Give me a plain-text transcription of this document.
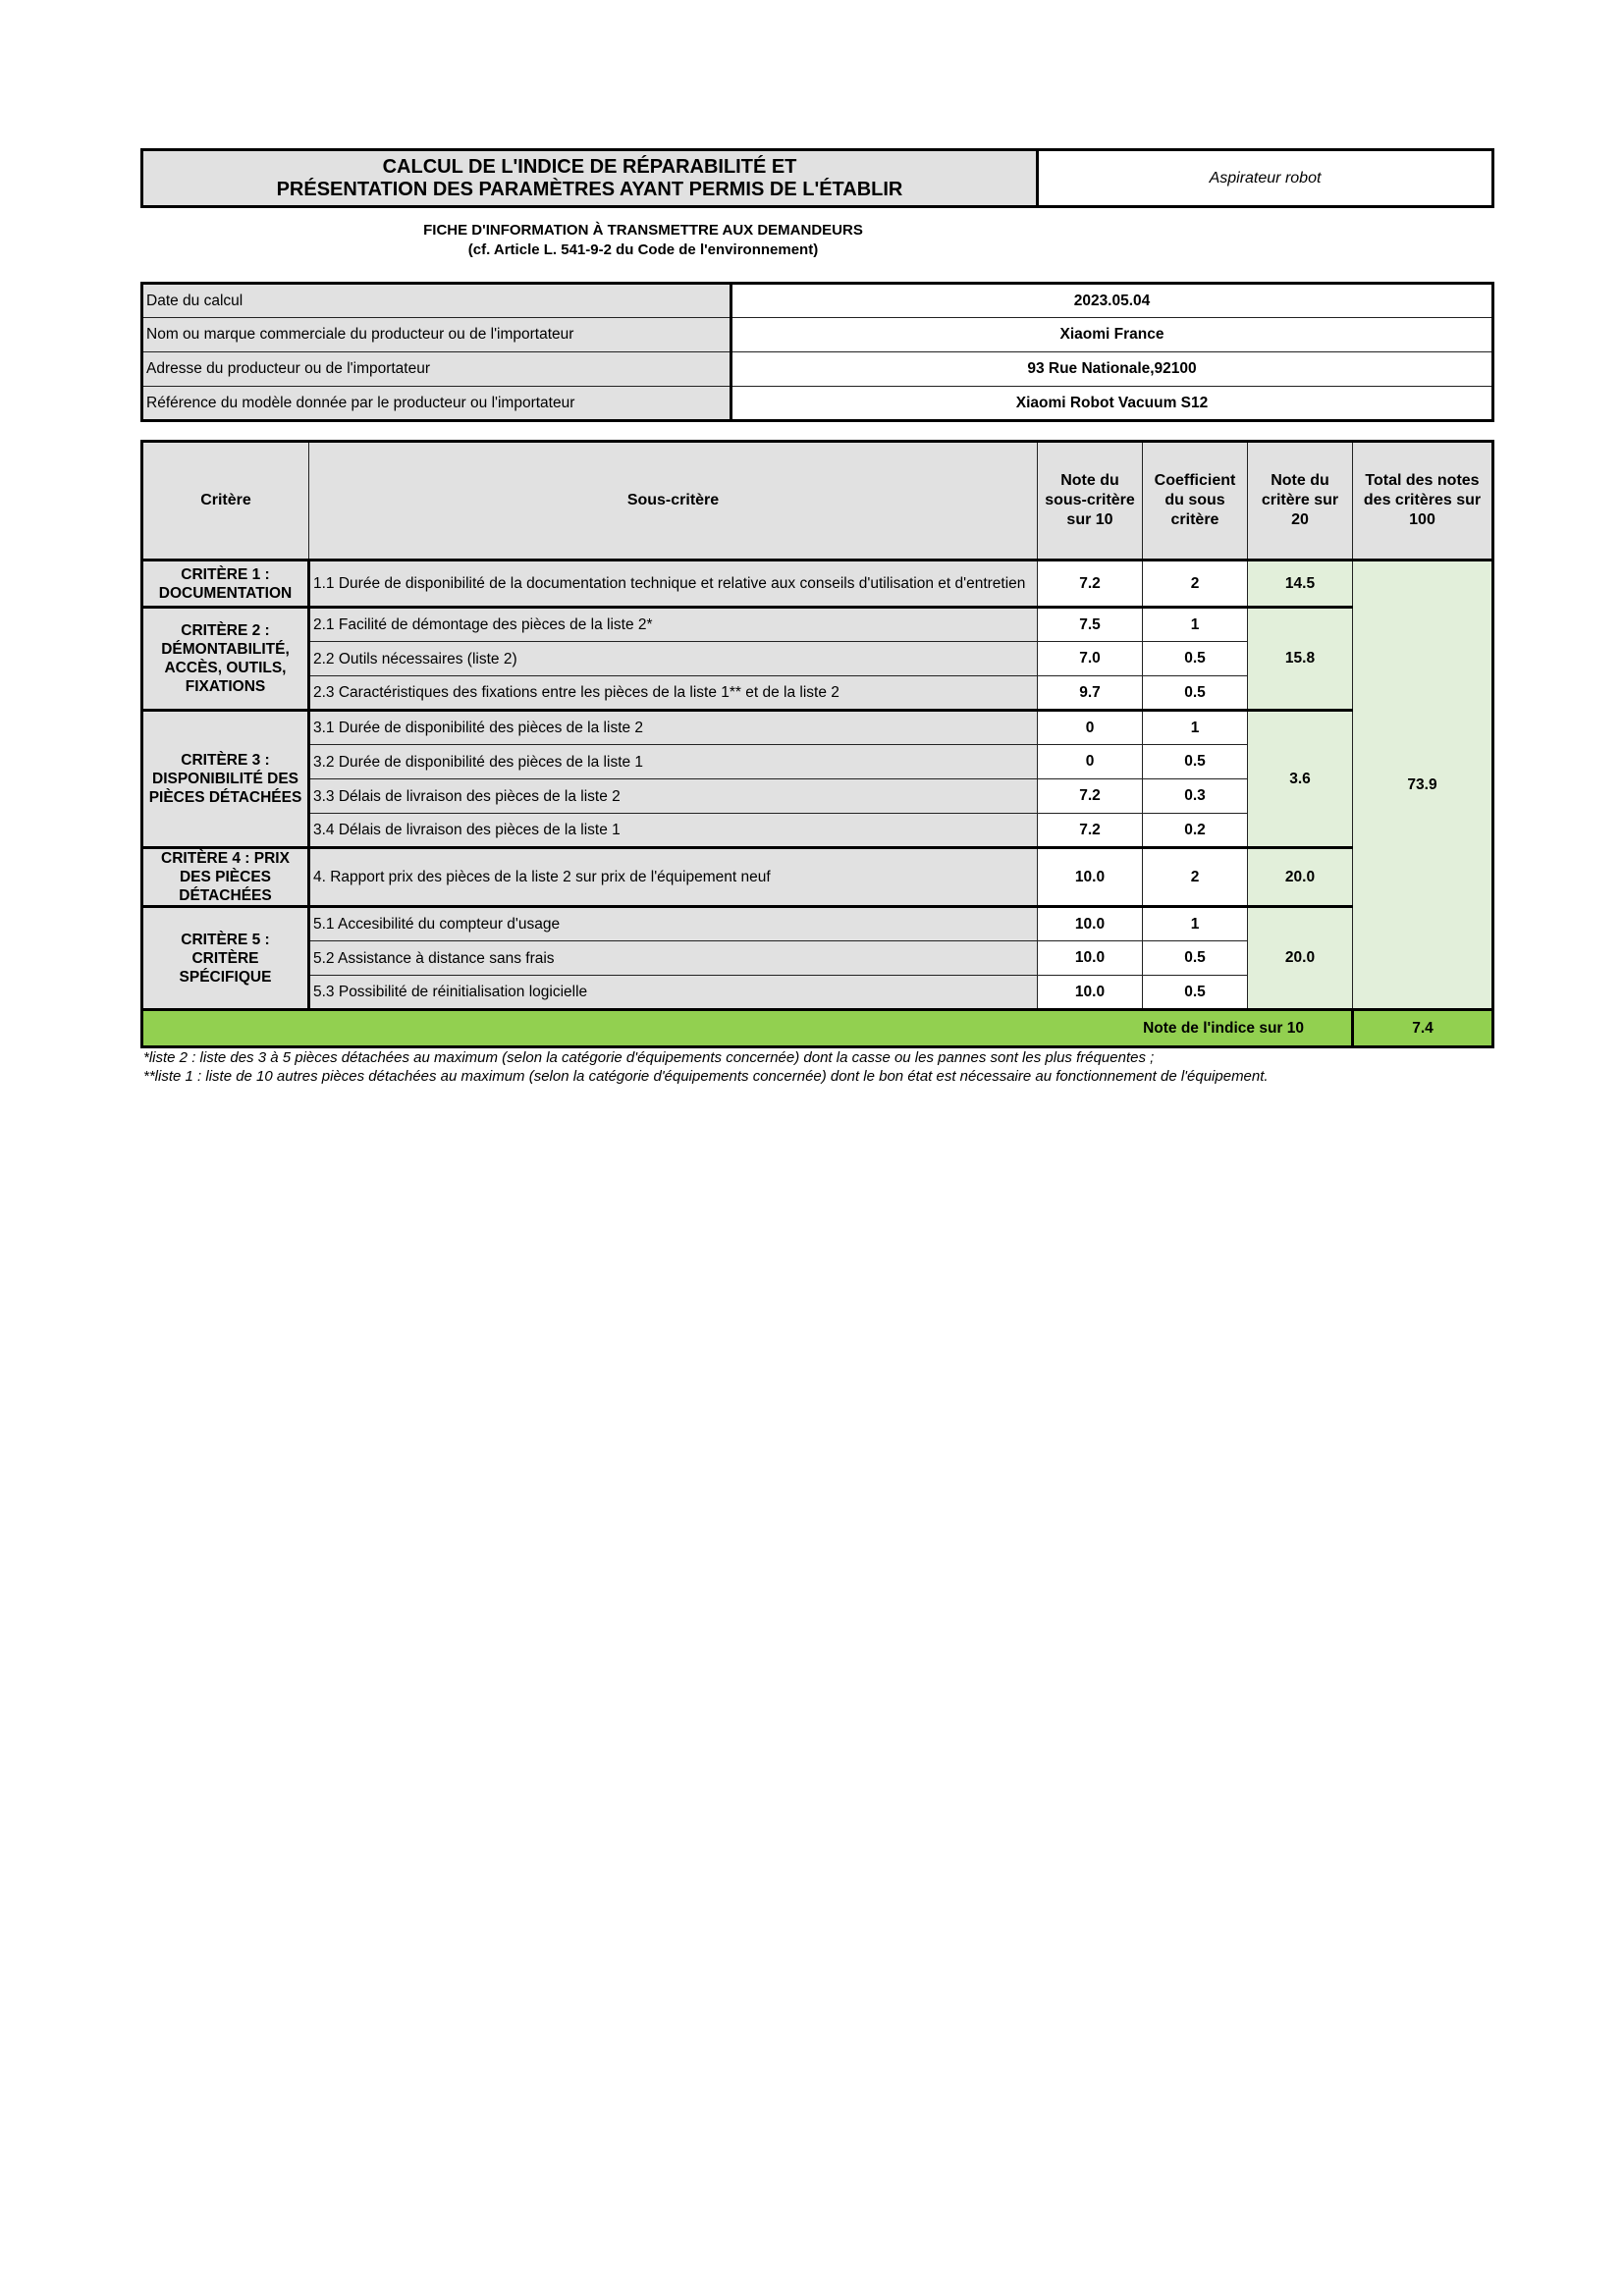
CALCUL DE L'INDICE DE RÉPARABILITÉ ET
PRÉSENTATION DES PARAMÈTRES AYANT PERMIS DE L'ÉTABLIR
	Aspirateur robot
FICHE D'INFORMATION À TRANSMETTRE AUX DEMANDEURS
(cf. Article L. 541-9-2 du Code de l'environnement)
Date du calcul	2023.05.04
Nom ou marque commerciale du producteur ou de l'importateur	Xiaomi France
Adresse du producteur ou de l'importateur	93 Rue Nationale,92100
Référence du modèle donnée par le producteur ou l'importateur	Xiaomi Robot Vacuum S12
Critère	Sous-critère	Note du sous-critère sur 10	Coefficient du sous critère	Note du critère sur 20	Total des notes des critères sur 100
CRITÈRE 1 : DOCUMENTATION	1.1 Durée de disponibilité de la documentation technique et relative aux conseils d'utilisation et d'entretien	7.2	2	14.5	73.9
CRITÈRE 2 : DÉMONTABILITÉ, ACCÈS, OUTILS, FIXATIONS	2.1 Facilité de démontage des pièces de la liste 2*	7.5	1	15.8	
	2.2 Outils nécessaires (liste 2)	7.0	0.5		
	2.3 Caractéristiques des fixations entre les pièces de la liste 1** et de la liste 2	9.7	0.5		
CRITÈRE 3 : DISPONIBILITÉ DES PIÈCES DÉTACHÉES	3.1 Durée de disponibilité des pièces de la liste 2	0	1	3.6	
	3.2 Durée de disponibilité des pièces de la liste 1	0	0.5		
	3.3 Délais de livraison des pièces de la liste 2	7.2	0.3		
	3.4 Délais de livraison des pièces de la liste 1	7.2	0.2		
CRITÈRE 4 : PRIX DES PIÈCES DÉTACHÉES	4. Rapport prix des pièces de la liste 2 sur prix de l'équipement neuf	10.0	2	20.0	
CRITÈRE 5 : CRITÈRE SPÉCIFIQUE	5.1 Accesibilité du compteur d'usage	10.0	1	20.0	
	5.2 Assistance à distance sans frais	10.0	0.5		
	5.3 Possibilité de réinitialisation logicielle	10.0	0.5		
Note de l'indice sur 10					7.4
*liste 2 : liste des 3 à 5 pièces détachées au maximum (selon la catégorie d'équipements concernée) dont la casse ou les pannes sont les plus fréquentes ;
**liste 1 : liste de 10 autres pièces détachées au maximum (selon la catégorie d'équipements concernée) dont le bon état est nécessaire au fonctionnement de l'équipement.
